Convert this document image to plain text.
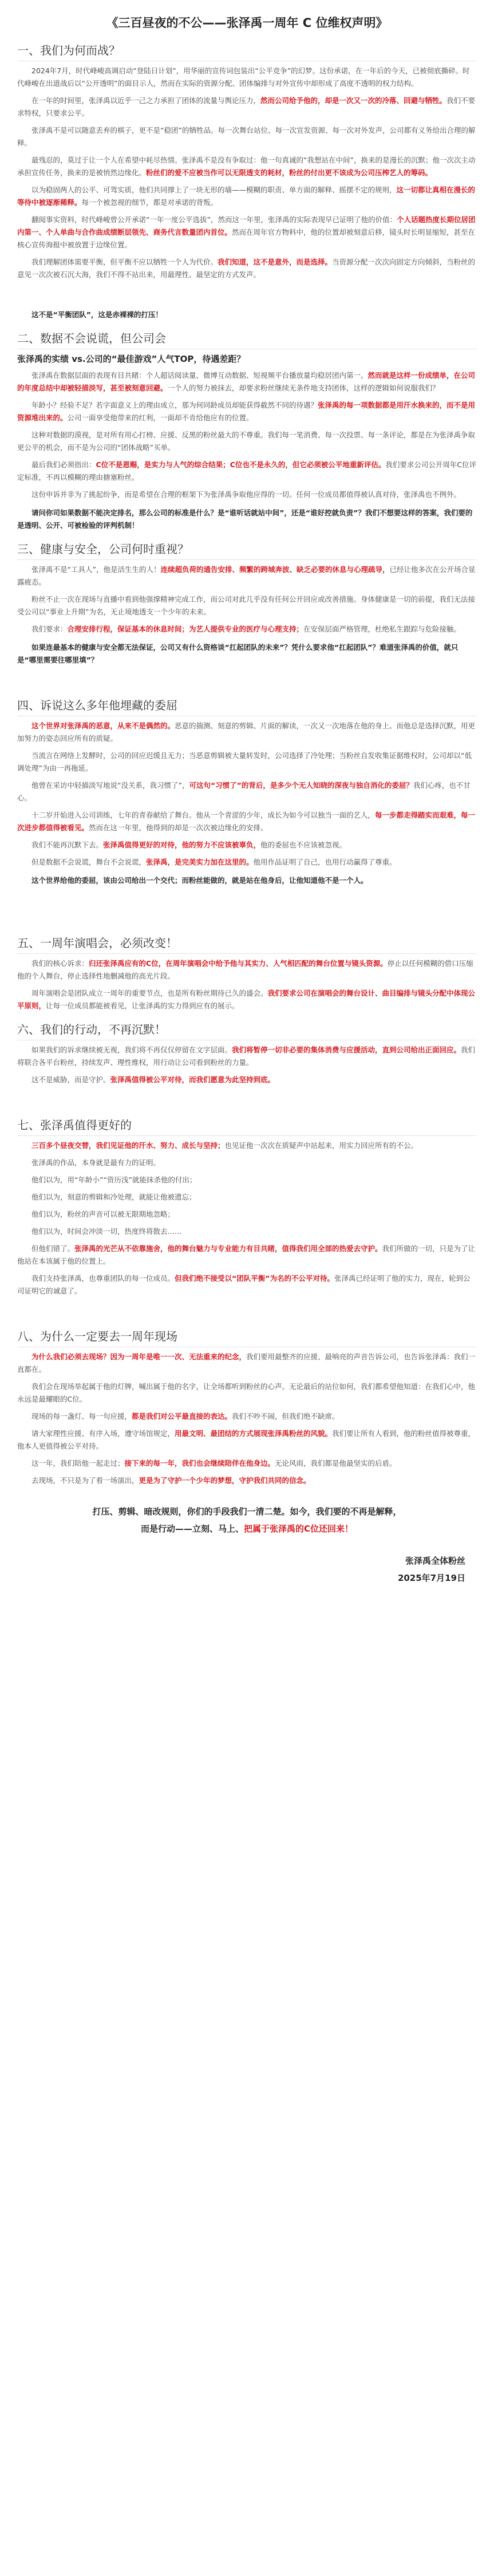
《三百昼夜的不公——张泽禹一周年 C 位维权声明》
一、我们为何而战？

2024年7月，时代峰峻高调启动“登陆日计划”，用华丽的宣传词包装出“公平竞争”的幻梦。这份承诺，在一年后的今天，已被彻底撕碎。时代峰峻在出道战后以“公开透明”的面目示人，然而在实际的资源分配、团体编排与对外宣传中却形成了高度不透明的权力结构。

在一年的时间里，张泽禹以近乎一己之力承担了团体的流量与舆论压力，然而公司给予他的，却是一次又一次的冷落、回避与牺牲。我们不要求特权，只要求公平。

张泽禹不是可以随意丢弃的棋子，更不是“稳团”的牺牲品。每一次舞台站位、每一次宣发资源、每一次对外发声，公司都有义务给出合理的解释。

最残忍的，莫过于让一个人在希望中耗尽热情。张泽禹不是没有争取过：他一句真诚的“我想站在中间”，换来的是漫长的沉默；他一次次主动承担宣传任务，换来的是被悄然边缘化。粉丝们的爱不应被当作可以无限透支的耗材，粉丝的付出更不该成为公司压榨艺人的筹码。

以为稳固两人的公平、可驾实质，他们共同撑上了一块无形的墙——模糊的职责、单方面的解释、摇摆不定的规则，这一切都让真相在漫长的等待中被逐渐稀释。每一个被忽视的细节，都是对承诺的背叛。

翻阅事实资料，时代峰峻曾公开承诺“一年一度公平选拔”，然而这一年里，张泽禹的实际表现早已证明了他的价值：个人话题热度长期位居团内第一、个人单曲与合作曲成绩断层领先、商务代言数量团内首位。然而在周年官方物料中，他的位置却被刻意后移，镜头时长明显缩短，甚至在核心宣传海报中被放置于边缘位置。

我们理解团体需要平衡，但平衡不应以牺牲一个人为代价。我们知道，这不是意外，而是选择。当资源分配一次次向固定方向倾斜，当粉丝的意见一次次被石沉大海，我们不得不站出来，用最理性、最坚定的方式发声。

这不是“平衡团队”，这是赤裸裸的打压！
二、数据不会说谎，但公司会
张泽禹的实绩 vs.公司的“最佳游戏”人气TOP，待遇差距？

张泽禹在数据层面的表现有目共睹：个人超话阅读量、微博互动数据、短视频平台播放量均稳居团内第一。然而就是这样一份成绩单，在公司的年度总结中却被轻描淡写，甚至被刻意回避。一个人的努力被抹去，却要求粉丝继续无条件地支持团体，这样的逻辑如何说服我们？

年龄小？经验不足？若字面意义上的理由成立，那为何同龄成员却能获得截然不同的待遇？张泽禹的每一项数据都是用汗水换来的，而不是用资源堆出来的。公司一面享受他带来的红利，一面却不肯给他应有的位置。

这种对数据的漠视，是对所有用心打榜、应援、反黑的粉丝最大的不尊重。我们每一笔消费、每一次投票、每一条评论，都是在为张泽禹争取更公平的机会，而不是为公司的“团体战略”买单。

最后我们必须指出：C位不是恩赐，是实力与人气的综合结果；C位也不是永久的，但它必须被公平地重新评估。我们要求公司公开周年C位评定标准，不再以模糊的理由搪塞粉丝。

这份申诉并非为了挑起纷争，而是希望在合理的框架下为张泽禹争取他应得的一切。任何一位成员都值得被认真对待，张泽禹也不例外。

请问你司如果数据不能决定排名，那么公司的标准是什么？是“谁听话就站中间”，还是“谁好控就负责”？我们不想要这样的答案，我们要的是透明、公开、可被检验的评判机制！
三、健康与安全，公司何时重视？

张泽禹不是“工具人”，他是活生生的人！连续超负荷的通告安排、频繁的跨城奔波、缺乏必要的休息与心理疏导，已经让他多次在公开场合显露疲态。

粉丝不止一次在现场与直播中看到他强撑精神完成工作，而公司对此几乎没有任何公开回应或改善措施。身体健康是一切的前提，我们无法接受公司以“事业上升期”为名，无止境地透支一个少年的未来。

我们要求：合理安排行程，保证基本的休息时间；为艺人提供专业的医疗与心理支持；在安保层面严格管理，杜绝私生跟踪与危险接触。

如果连最基本的健康与安全都无法保证，公司又有什么资格谈“扛起团队的未来”？凭什么要求他“扛起团队”？难道张泽禹的价值，就只是“哪里需要往哪里填”？
四、诉说这么多年他埋藏的委屈

这个世界对张泽禹的恶意，从来不是偶然的。恶意的揣测、刻意的剪辑、片面的解读，一次又一次地落在他的身上。而他总是选择沉默，用更加努力的姿态回应所有的质疑。

当流言在网络上发酵时，公司的回应迟缓且无力；当恶意剪辑被大量转发时，公司选择了冷处理；当粉丝自发收集证据维权时，公司却以“低调处理”为由一再拖延。

他曾在采访中轻描淡写地说“没关系，我习惯了”，可这句“习惯了”的背后，是多少个无人知晓的深夜与独自消化的委屈？我们心疼，也不甘心。

十二岁开始进入公司训练，七年的青春献给了舞台。他从一个青涩的少年，成长为如今可以独当一面的艺人，每一步都走得踏实而艰难，每一次进步都值得被看见。然而在这一年里，他得到的却是一次次被边缘化的安排。

我们不能再沉默下去。张泽禹值得更好的对待，他的努力不应该被辜负，他的委屈也不应该被忽视。

但是数据不会说谎，舞台不会说谎，张泽禹，是完美实力加在这里的。他用作品证明了自己，也用行动赢得了尊重。

这个世界给他的委屈，该由公司给出一个交代；而粉丝能做的，就是站在他身后，让他知道他不是一个人。
五、一周年演唱会，必须改变！

我们的核心诉求：归还张泽禹应有的C位，在周年演唱会中给予他与其实力、人气相匹配的舞台位置与镜头资源。停止以任何模糊的借口压缩他的个人舞台，停止选择性地删减他的高光片段。

周年演唱会是团队成立一周年的重要节点，也是所有粉丝期待已久的盛会。我们要求公司在演唱会的舞台设计、曲目编排与镜头分配中体现公平原则，让每一位成员都能被看见，让张泽禹的实力得到应有的展示。

六、我们的行动，不再沉默！

如果我们的诉求继续被无视，我们将不再仅仅停留在文字层面。我们将暂停一切非必要的集体消费与应援活动，直到公司给出正面回应。我们将联合各平台粉丝，持续发声、理性维权，用行动让公司看到粉丝的力量。

这不是威胁，而是守护。张泽禹值得被公平对待，而我们愿意为此坚持到底。

七、张泽禹值得更好的

三百多个昼夜交替，我们见证他的汗水、努力、成长与坚持；也见证他一次次在质疑声中站起来，用实力回应所有的不公。

张泽禹的作品，本身就是最有力的证明。

他们以为，用“年龄小”“资历浅”就能抹杀他的付出；

他们以为，刻意的剪辑和冷处理，就能让他被遗忘；

他们以为，粉丝的声音可以被无限期地忽略；

他们以为，时间会冲淡一切，热度终将散去……

但他们错了。张泽禹的光芒从不依靠施舍，他的舞台魅力与专业能力有目共睹，值得我们用全部的热爱去守护。我们所做的一切，只是为了让他站在本该属于他的位置上。

我们支持张泽禹，也尊重团队的每一位成员。但我们绝不接受以“团队平衡”为名的不公平对待。张泽禹已经证明了他的实力，现在，轮到公司证明它的诚意了。

八、为什么一定要去一周年现场

为什么我们必须去现场？因为一周年是唯一一次、无法重来的纪念，我们要用最整齐的应援、最响亮的声音告诉公司，也告诉张泽禹：我们一直都在。

我们会在现场举起属于他的灯牌，喊出属于他的名字，让全场都听到粉丝的心声。无论最后的站位如何，我们都希望他知道：在我们心中，他永远是最耀眼的C位。

现场的每一盏灯、每一句应援，都是我们对公平最直接的表达。我们不吵不闹，但我们绝不缺席。

请大家理性应援、有序入场，遵守场馆规定，用最文明、最团结的方式展现张泽禹粉丝的风貌。我们要让所有人看到，他的粉丝值得被尊重，他本人更值得被公平对待。

这一年，我们陪他一起走过；接下来的每一年，我们也会继续陪伴在他身边。无论风雨，我们都是他最坚实的后盾。

去现场，不只是为了看一场演出，更是为了守护一个少年的梦想，守护我们共同的信念。

打压、剪辑、暗改规则，你们的手段我们一清二楚。如今，我们要的不再是解释，
而是行动——立刻、马上、把属于张泽禹的C位还回来！
张泽禹全体粉丝
2025年7月19日
